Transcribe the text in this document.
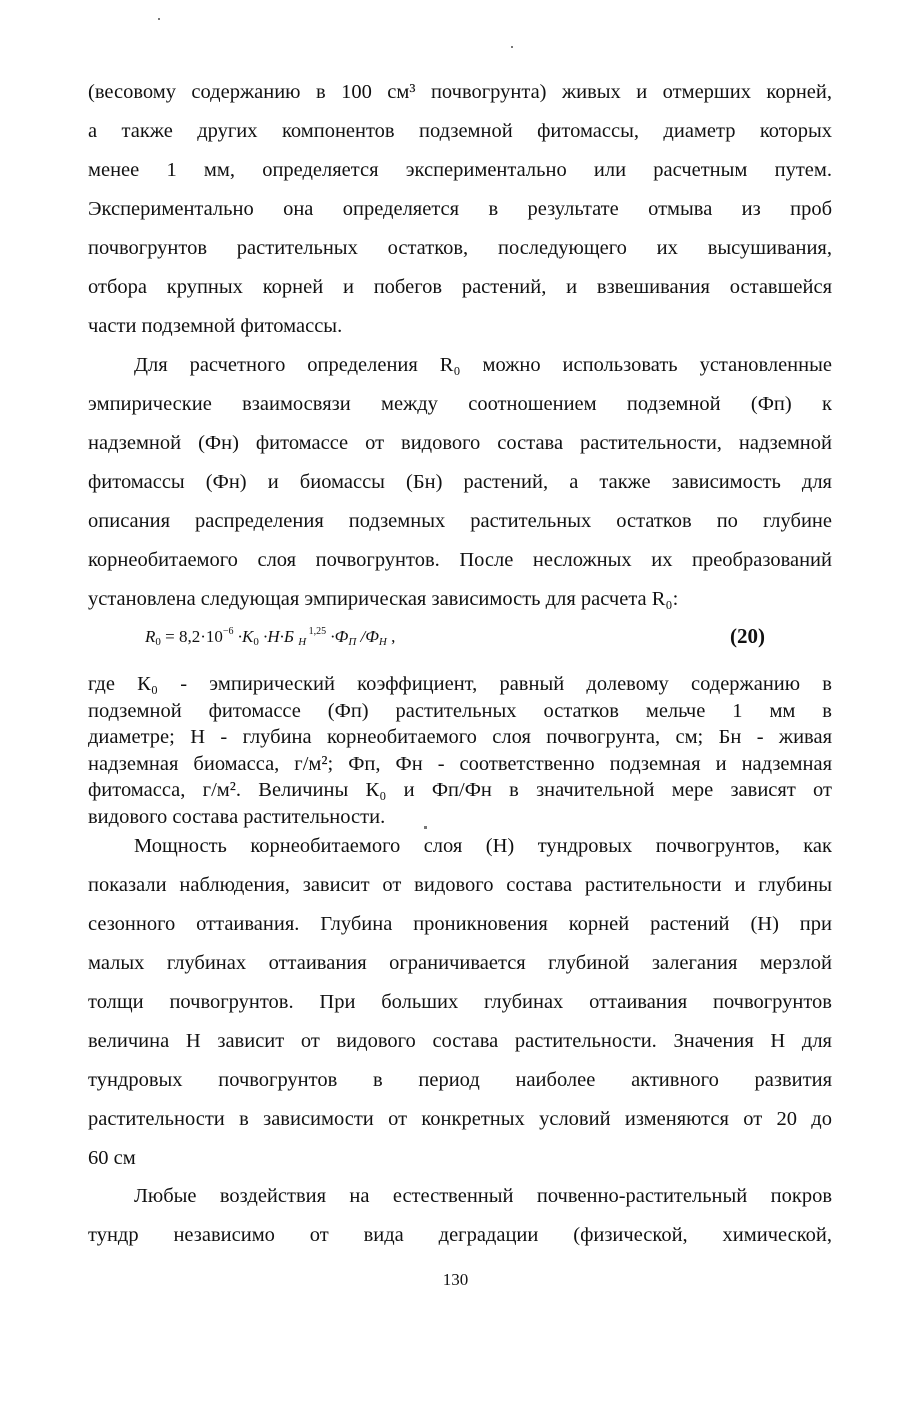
(весовому содержанию в 100 см³ почвогрунта) живых и отмерших корней,
а также других компонентов подземной фитомассы, диаметр которых
менее 1 мм, определяется экспериментально или расчетным путем.
Экспериментально она определяется в результате отмыва из проб
почвогрунтов растительных остатков, последующего их высушивания,
отбора крупных корней и побегов растений, и взвешивания оставшейся
части подземной фитомассы.
Для расчетного определения R₀ можно использовать установленные
эмпирические взаимосвязи между соотношением подземной (Фп) к
надземной (Фн) фитомассе от видового состава растительности, надземной
фитомассы (Фн) и биомассы (Бн) растений, а также зависимость для
описания распределения подземных растительных остатков по глубине
корнеобитаемого слоя почвогрунтов. После несложных их преобразований
установлена следующая эмпирическая зависимость для расчета R₀:
$R0 = 8,2\cdot 10^{-6} \cdot K0 \cdot H\cdot Б$ H $^{1,25}$ ·ФП /ФH ,	(20)
где К₀ - эмпирический коэффициент, равный долевому содержанию в
подземной фитомассе (Фп) растительных остатков мельче 1 мм в
диаметре; Н - глубина корнеобитаемого слоя почвогрунта, см; Бн - живая
надземная биомасса, г/м²; Фп, Фн - соответственно подземная и надземная
фитомасса, г/м². Величины К₀ и Фп/Фн в значительной мере зависят от
видового состава растительности.
Мощность корнеобитаемого слоя (Н) тундровых почвогрунтов, как
показали наблюдения, зависит от видового состава растительности и глубины
сезонного оттаивания. Глубина проникновения корней растений (Н) при
малых глубинах оттаивания ограничивается глубиной залегания мерзлой
толщи почвогрунтов. При больших глубинах оттаивания почвогрунтов
величина Н зависит от видового состава растительности. Значения Н для
тундровых почвогрунтов в период наиболее активного развития
растительности в зависимости от конкретных условий изменяются от 20 до
60 см
Любые воздействия на естественный почвенно-растительный покров
тундр независимо от вида деградации (физической, химической,
130
